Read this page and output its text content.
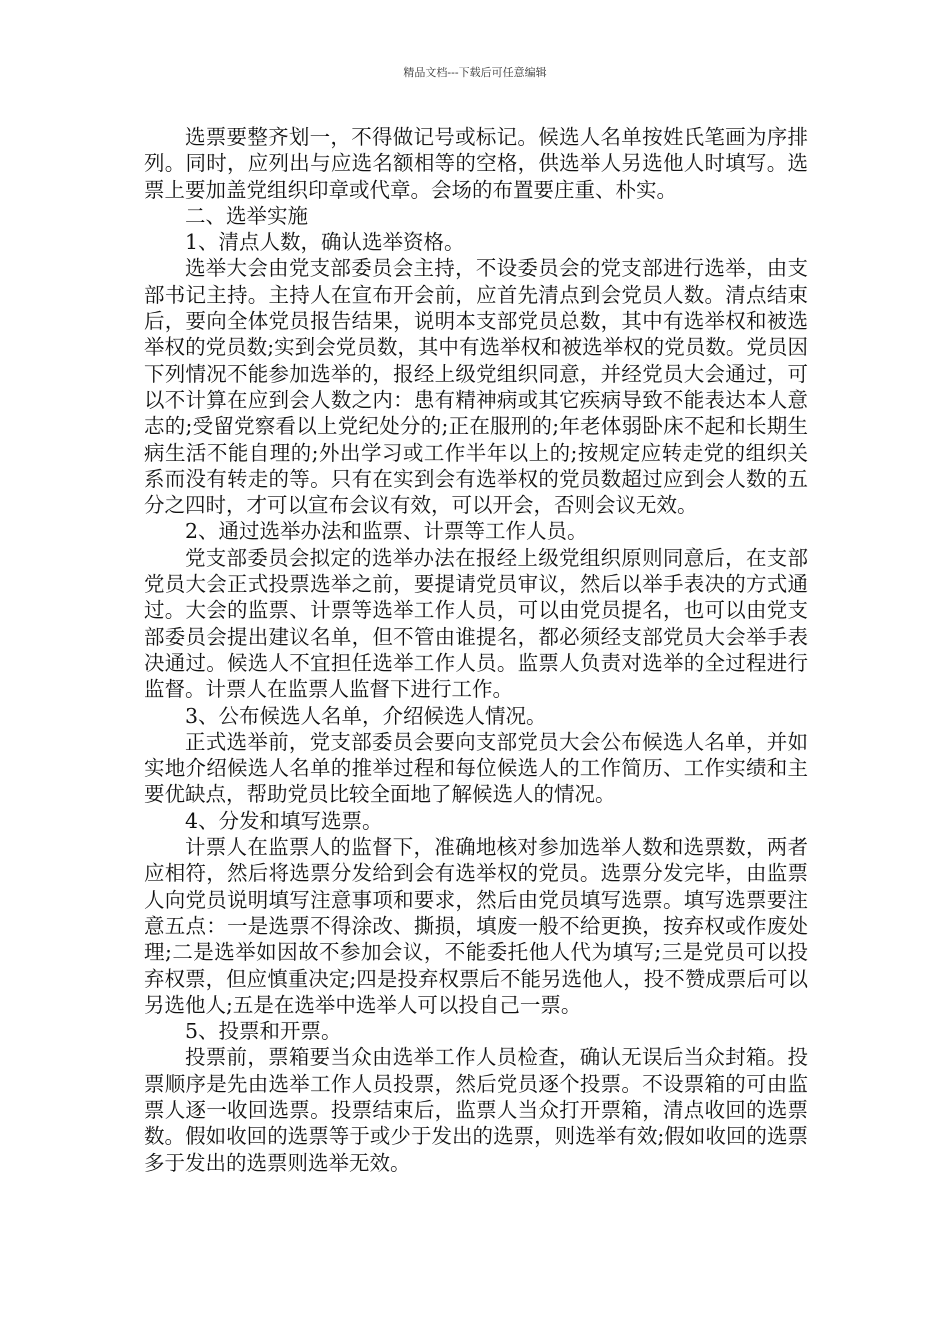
精品文档---下载后可任意编辑

选票要整齐划一，不得做记号或标记。候选人名单按姓氏笔画为序排列。同时，应列出与应选名额相等的空格，供选举人另选他人时填写。选票上要加盖党组织印章或代章。会场的布置要庄重、朴实。

二、选举实施

1、清点人数，确认选举资格。

选举大会由党支部委员会主持，不设委员会的党支部进行选举，由支部书记主持。主持人在宣布开会前，应首先清点到会党员人数。清点结束后，要向全体党员报告结果，说明本支部党员总数，其中有选举权和被选举权的党员数;实到会党员数，其中有选举权和被选举权的党员数。党员因下列情况不能参加选举的，报经上级党组织同意，并经党员大会通过，可以不计算在应到会人数之内：患有精神病或其它疾病导致不能表达本人意志的;受留党察看以上党纪处分的;正在服刑的;年老体弱卧床不起和长期生病生活不能自理的;外出学习或工作半年以上的;按规定应转走党的组织关系而没有转走的等。只有在实到会有选举权的党员数超过应到会人数的五分之四时，才可以宣布会议有效，可以开会，否则会议无效。

2、通过选举办法和监票、计票等工作人员。

党支部委员会拟定的选举办法在报经上级党组织原则同意后，在支部党员大会正式投票选举之前，要提请党员审议，然后以举手表决的方式通过。大会的监票、计票等选举工作人员，可以由党员提名，也可以由党支部委员会提出建议名单，但不管由谁提名，都必须经支部党员大会举手表决通过。候选人不宜担任选举工作人员。监票人负责对选举的全过程进行监督。计票人在监票人监督下进行工作。

3、公布候选人名单，介绍候选人情况。

正式选举前，党支部委员会要向支部党员大会公布候选人名单，并如实地介绍候选人名单的推举过程和每位候选人的工作简历、工作实绩和主要优缺点，帮助党员比较全面地了解候选人的情况。

4、分发和填写选票。

计票人在监票人的监督下，准确地核对参加选举人数和选票数，两者应相符，然后将选票分发给到会有选举权的党员。选票分发完毕，由监票人向党员说明填写注意事项和要求，然后由党员填写选票。填写选票要注意五点：一是选票不得涂改、撕损，填废一般不给更换，按弃权或作废处理;二是选举如因故不参加会议，不能委托他人代为填写;三是党员可以投弃权票，但应慎重决定;四是投弃权票后不能另选他人，投不赞成票后可以另选他人;五是在选举中选举人可以投自己一票。

5、投票和开票。

投票前，票箱要当众由选举工作人员检查，确认无误后当众封箱。投票顺序是先由选举工作人员投票，然后党员逐个投票。不设票箱的可由监票人逐一收回选票。投票结束后，监票人当众打开票箱，清点收回的选票数。假如收回的选票等于或少于发出的选票，则选举有效;假如收回的选票多于发出的选票则选举无效。
